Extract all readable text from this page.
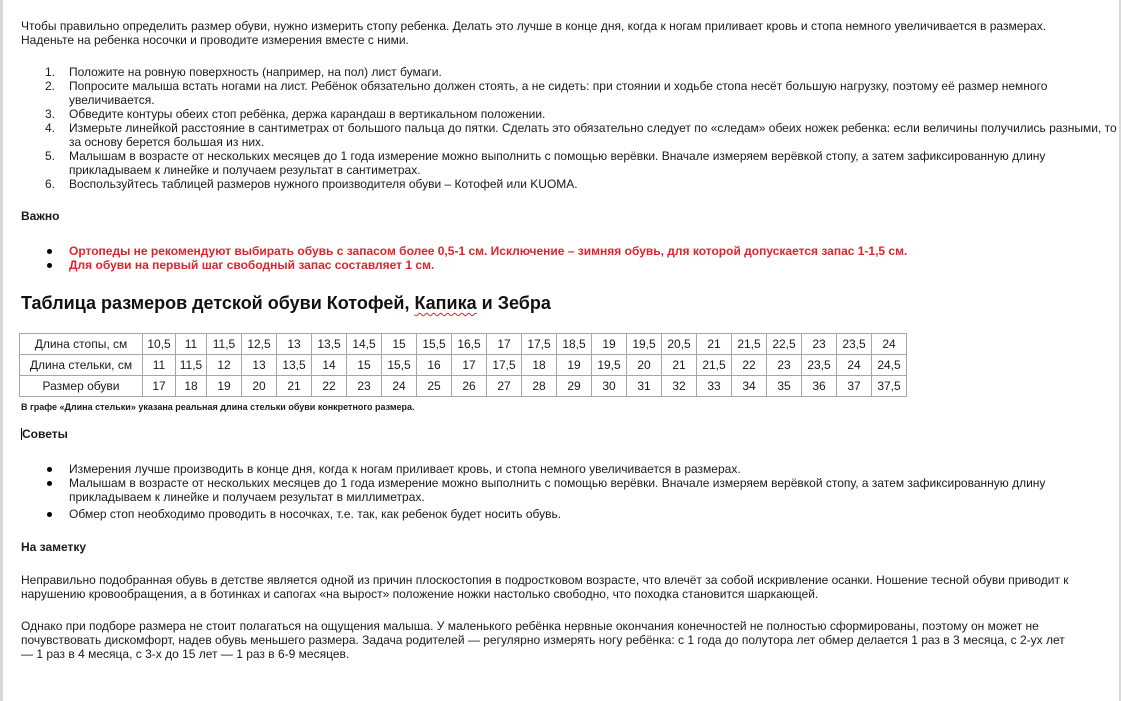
Чтобы правильно определить размер обуви, нужно измерить стопу ребенка. Делать это лучше в конце дня, когда к ногам приливает кровь и стопа немного увеличивается в размерах. Наденьте на ребенка носочки и проводите измерения вместе с ними.

1.	Положите на ровную поверхность (например, на пол) лист бумаги.
2.	Попросите малыша встать ногами на лист. Ребёнок обязательно должен стоять, а не сидеть: при стоянии и ходьбе стопа несёт большую нагрузку, поэтому её размер немного увеличивается.
3.	Обведите контуры обеих стоп ребёнка, держа карандаш в вертикальном положении.
4.	Измерьте линейкой расстояние в сантиметрах от большого пальца до пятки. Сделать это обязательно следует по «следам» обеих ножек ребенка: если величины получились разными, то за основу берется большая из них.
5.	Малышам в возрасте от нескольких месяцев до 1 года измерение можно выполнить с помощью верёвки. Вначале измеряем верёвкой стопу, а затем зафиксированную длину прикладываем к линейке и получаем результат в сантиметрах.
6.	Воспользуйтесь таблицей размеров нужного производителя обуви – Котофей или KUOMA.
Важно
Ортопеды не рекомендуют выбирать обувь с запасом более 0,5-1 см. Исключение – зимняя обувь, для которой допускается запас 1-1,5 см.
Для обуви на первый шаг свободный запас составляет 1 см.
Таблица размеров детской обуви Котофей, Капика и Зебра
Длина стопы, см	10,5	11	11,5	12,5	13	13,5	14,5	15	15,5	16,5	17	17,5	18,5	19	19,5	20,5	21	21,5	22,5	23	23,5	24
Длина стельки, см	11	11,5	12	13	13,5	14	15	15,5	16	17	17,5	18	19	19,5	20	21	21,5	22	23	23,5	24	24,5
Размер обуви	17	18	19	20	21	22	23	24	25	26	27	28	29	30	31	32	33	34	35	36	37	37,5
В графе «Длина стельки» указана реальная длина стельки обуви конкретного размера.
Советы
Измерения лучше производить в конце дня, когда к ногам приливает кровь, и стопа немного увеличивается в размерах.
Малышам в возрасте от нескольких месяцев до 1 года измерение можно выполнить с помощью верёвки. Вначале измеряем верёвкой стопу, а затем зафиксированную длину прикладываем к линейке и получаем результат в миллиметрах.
Обмер стоп необходимо проводить в носочках, т.е. так, как ребенок будет носить обувь.
На заметку

Неправильно подобранная обувь в детстве является одной из причин плоскостопия в подростковом возрасте, что влечёт за собой искривление осанки. Ношение тесной обуви приводит к нарушению кровообращения, а в ботинках и сапогах «на вырост» положение ножки настолько свободно, что походка становится шаркающей.

Однако при подборе размера не стоит полагаться на ощущения малыша. У маленького ребёнка нервные окончания конечностей не полностью сформированы, поэтому он может не почувствовать дискомфорт, надев обувь меньшего размера. Задача родителей — регулярно измерять ногу ребёнка: с 1 года до полутора лет обмер делается 1 раз в 3 месяца, с 2-ух лет — 1 раз в 4 месяца, с 3-х до 15 лет — 1 раз в 6-9 месяцев.
